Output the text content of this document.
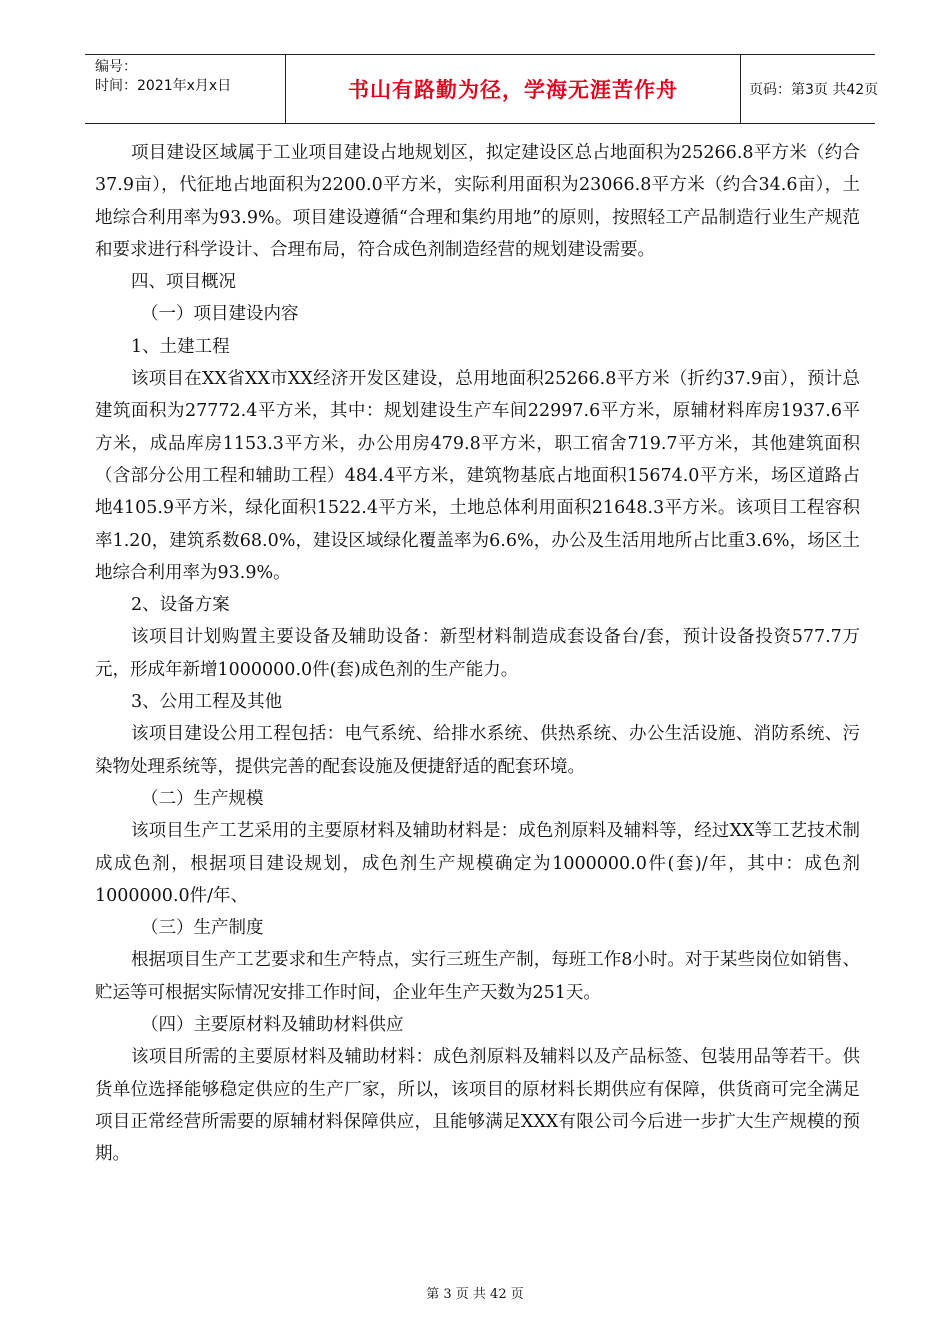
编号：
时间：2021年x月x日	书山有路勤为径，学海无涯苦作舟	页码：第3页 共42页

项目建设区域属于工业项目建设占地规划区，拟定建设区总占地面积为25266.8平方米（约合37.9亩），代征地占地面积为2200.0平方米，实际利用面积为23066.8平方米（约合34.6亩），土地综合利用率为93.9%。项目建设遵循“合理和集约用地”的原则，按照轻工产品制造行业生产规范和要求进行科学设计、合理布局，符合成色剂制造经营的规划建设需要。

四、项目概况

（一）项目建设内容

1、土建工程

该项目在XX省XX市XX经济开发区建设，总用地面积25266.8平方米（折约37.9亩），预计总建筑面积为27772.4平方米，其中：规划建设生产车间22997.6平方米，原辅材料库房1937.6平方米，成品库房1153.3平方米，办公用房479.8平方米，职工宿舍719.7平方米，其他建筑面积（含部分公用工程和辅助工程）484.4平方米，建筑物基底占地面积15674.0平方米，场区道路占地4105.9平方米，绿化面积1522.4平方米，土地总体利用面积21648.3平方米。该项目工程容积率1.20，建筑系数68.0%，建设区域绿化覆盖率为6.6%，办公及生活用地所占比重3.6%，场区土地综合利用率为93.9%。

2、设备方案

该项目计划购置主要设备及辅助设备：新型材料制造成套设备台/套，预计设备投资577.7万元，形成年新增1000000.0件(套)成色剂的生产能力。

3、公用工程及其他

该项目建设公用工程包括：电气系统、给排水系统、供热系统、办公生活设施、消防系统、污染物处理系统等，提供完善的配套设施及便捷舒适的配套环境。

（二）生产规模

该项目生产工艺采用的主要原材料及辅助材料是：成色剂原料及辅料等，经过XX等工艺技术制成成色剂，根据项目建设规划，成色剂生产规模确定为1000000.0件(套)/年，其中：成色剂1000000.0件/年、

（三）生产制度

根据项目生产工艺要求和生产特点，实行三班生产制，每班工作8小时。对于某些岗位如销售、贮运等可根据实际情况安排工作时间，企业年生产天数为251天。

（四）主要原材料及辅助材料供应

该项目所需的主要原材料及辅助材料：成色剂原料及辅料以及产品标签、包装用品等若干。供货单位选择能够稳定供应的生产厂家，所以，该项目的原材料长期供应有保障，供货商可完全满足项目正常经营所需要的原辅材料保障供应，且能够满足XXX有限公司今后进一步扩大生产规模的预期。

第 3 页 共 42 页
